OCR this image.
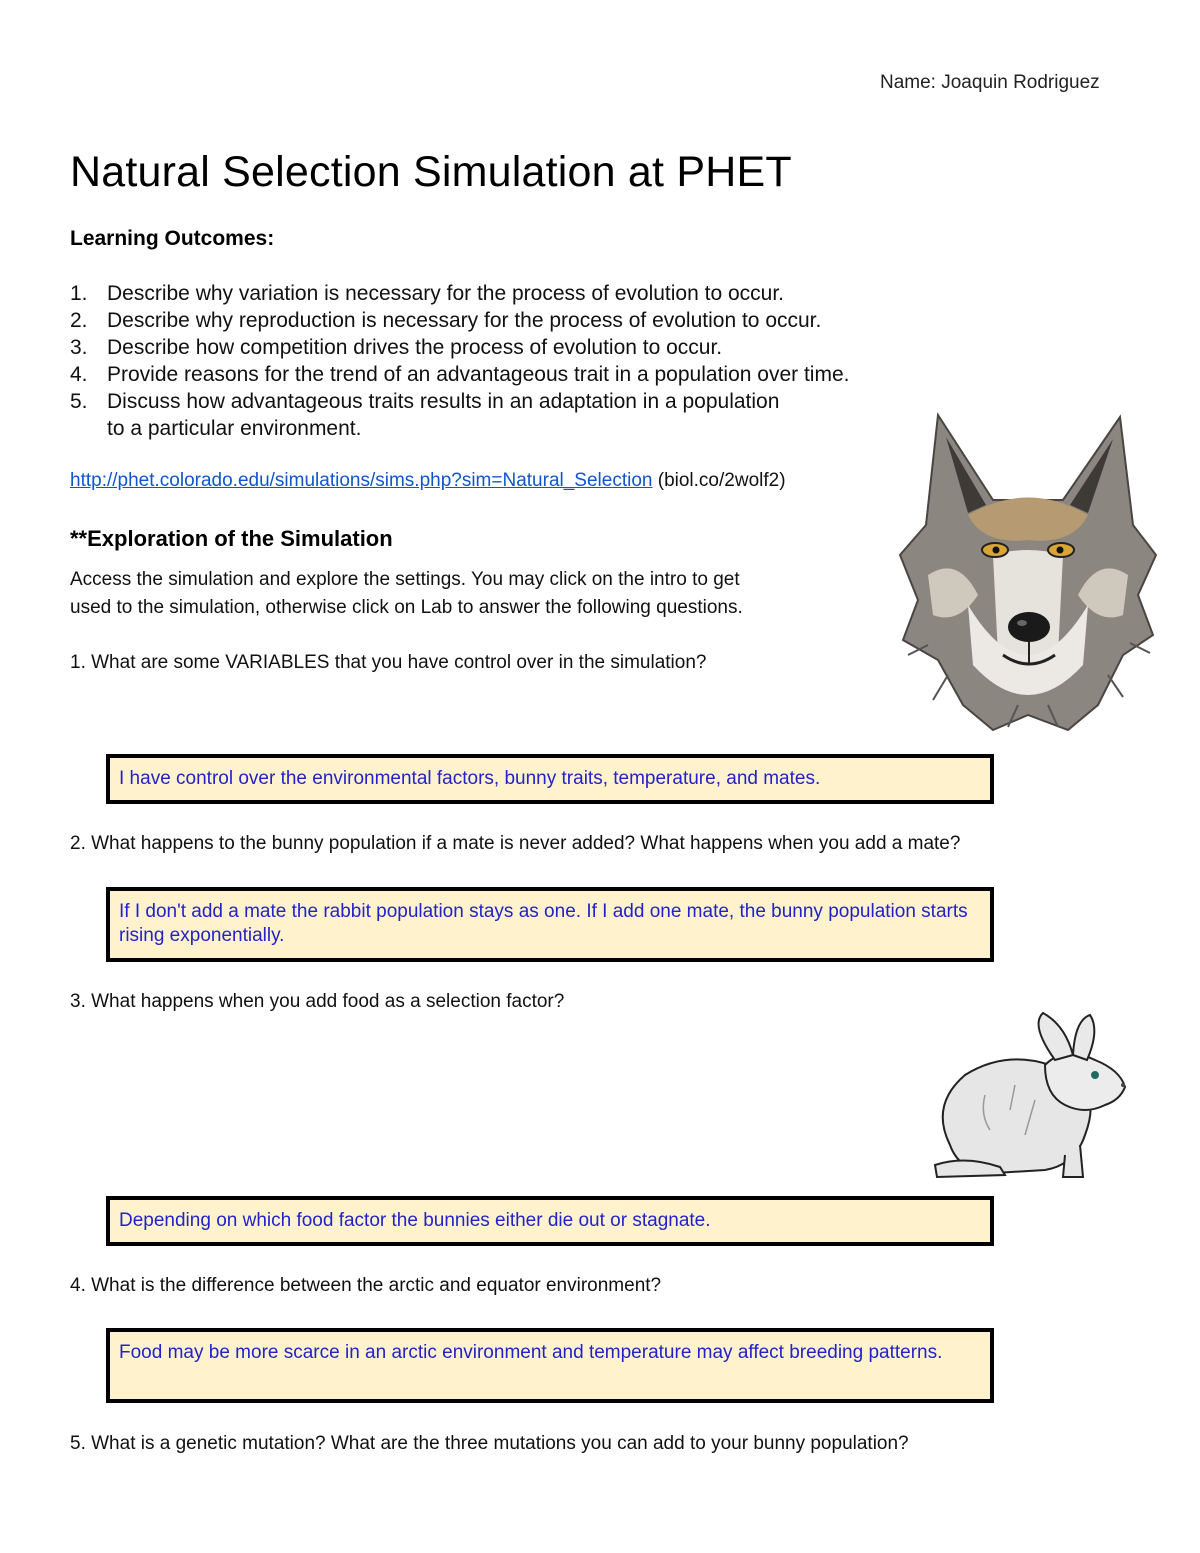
Name: Joaquin Rodriguez
Natural Selection Simulation at PHET
Learning Outcomes:
1. Describe why variation is necessary for the process of evolution to occur.
2. Describe why reproduction is necessary for the process of evolution to occur.
3. Describe how competition drives the process of evolution to occur.
4. Provide reasons for the trend of an advantageous trait in a population over time.
5. Discuss how advantageous traits results in an adaptation in a population
to a particular environment.
http://phet.colorado.edu/simulations/sims.php?sim=Natural_Selection (biol.co/2wolf2)
**Exploration of the Simulation
Access the simulation and explore the settings. You may click on the intro to get
used to the simulation, otherwise click on Lab to answer the following questions.
1. What are some VARIABLES that you have control over in the simulation?
I have control over the environmental factors, bunny traits, temperature, and mates.
2. What happens to the bunny population if a mate is never added? What happens when you add a mate?
If I don't add a mate the rabbit population stays as one. If I add one mate, the bunny population starts rising exponentially.
3. What happens when you add food as a selection factor?
Depending on which food factor the bunnies either die out or stagnate.
4. What is the difference between the arctic and equator environment?
Food may be more scarce in an arctic environment and temperature may affect breeding patterns.
5. What is a genetic mutation? What are the three mutations you can add to your bunny population?
